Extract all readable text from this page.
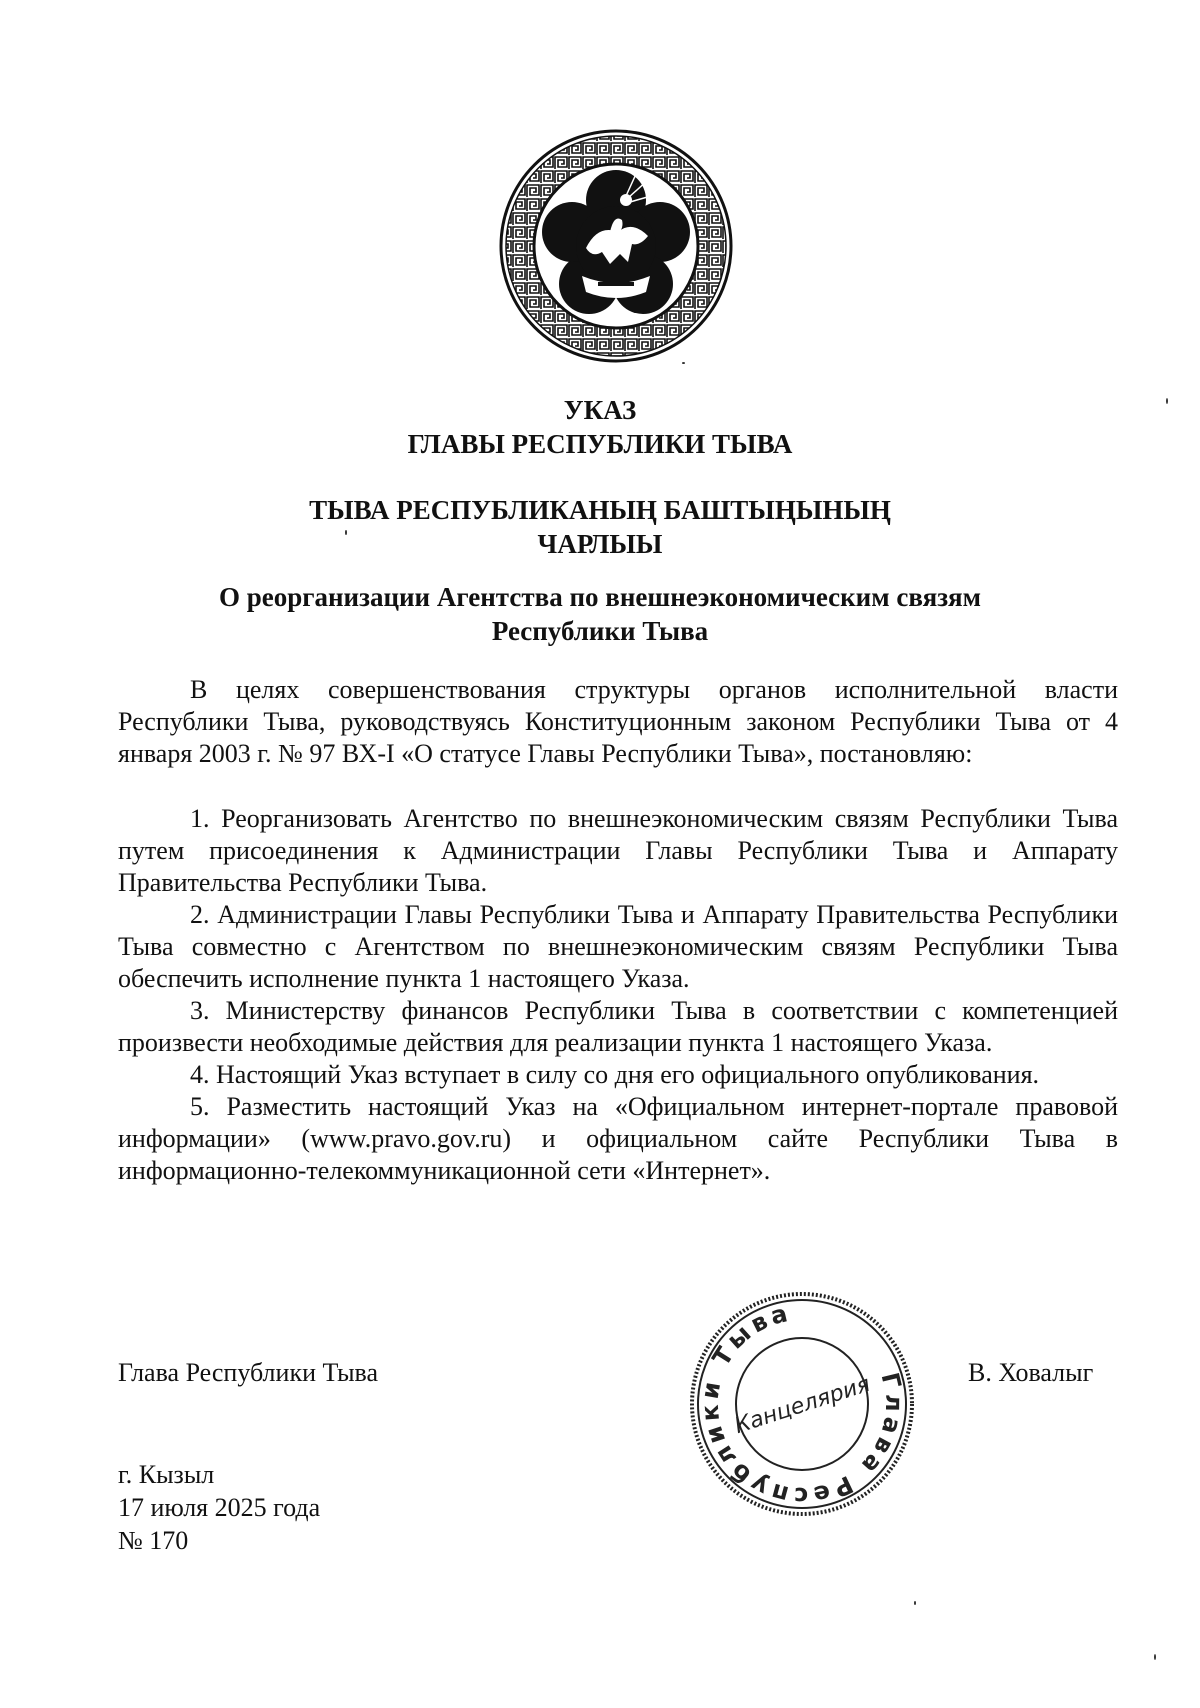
УКАЗ
ГЛАВЫ РЕСПУБЛИКИ ТЫВА
ТЫВА РЕСПУБЛИКАНЫҢ БАШТЫҢЫНЫҢ
ЧАРЛЫЫ
О реорганизации Агентства по внешнеэкономическим связям
Республики Тыва

В целях совершенствования структуры органов исполнительной власти Республики Тыва, руководствуясь Конституционным законом Республики Тыва от 4 января 2003 г. № 97 ВХ-I «О статусе Главы Республики Тыва», постановляю:

1. Реорганизовать Агентство по внешнеэкономическим связям Республики Тыва путем присоединения к Администрации Главы Республики Тыва и Аппарату Правительства Республики Тыва.

2. Администрации Главы Республики Тыва и Аппарату Правительства Республики Тыва совместно с Агентством по внешнеэкономическим связям Республики Тыва обеспечить исполнение пункта 1 настоящего Указа.

3. Министерству финансов Республики Тыва в соответствии с компетенцией произвести необходимые действия для реализации пункта 1 настоящего Указа.

4. Настоящий Указ вступает в силу со дня его официального опубликования.

5. Разместить настоящий Указ на «Официальном интернет-портале правовой информации» (www.pravo.gov.ru) и официальном сайте Республики Тыва в информационно-телекоммуникационной сети «Интернет».

Глава Республики Тыва	В. Ховалыг
Глава Республики Тыва
Канцелярия
г. Кызыл
17 июля 2025 года
№ 170
